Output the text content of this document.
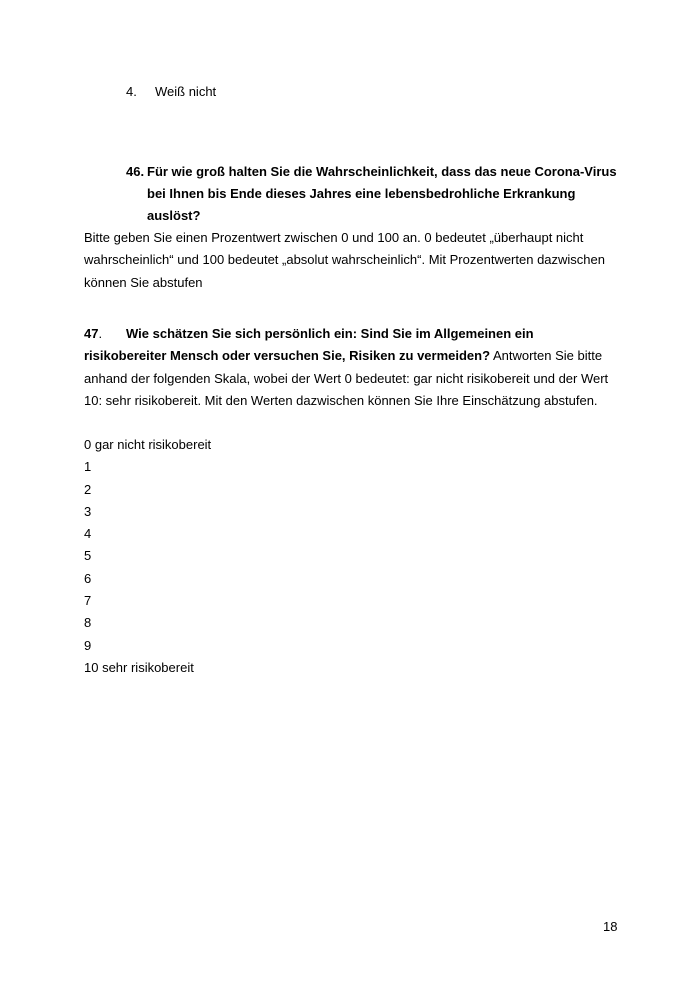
4. Weiß nicht
46. Für wie groß halten Sie die Wahrscheinlichkeit, dass das neue Corona-Virus
bei Ihnen bis Ende dieses Jahres eine lebensbedrohliche Erkrankung
auslöst?
Bitte geben Sie einen Prozentwert zwischen 0 und 100 an. 0 bedeutet „überhaupt nicht
wahrscheinlich“ und 100 bedeutet „absolut wahrscheinlich“. Mit Prozentwerten dazwischen
können Sie abstufen
47. Wie schätzen Sie sich persönlich ein: Sind Sie im Allgemeinen ein
risikobereiter Mensch oder versuchen Sie, Risiken zu vermeiden? Antworten Sie bitte
anhand der folgenden Skala, wobei der Wert 0 bedeutet: gar nicht risikobereit und der Wert
10: sehr risikobereit. Mit den Werten dazwischen können Sie Ihre Einschätzung abstufen.
0 gar nicht risikobereit
1
2
3
4
5
6
7
8
9
10 sehr risikobereit
18
